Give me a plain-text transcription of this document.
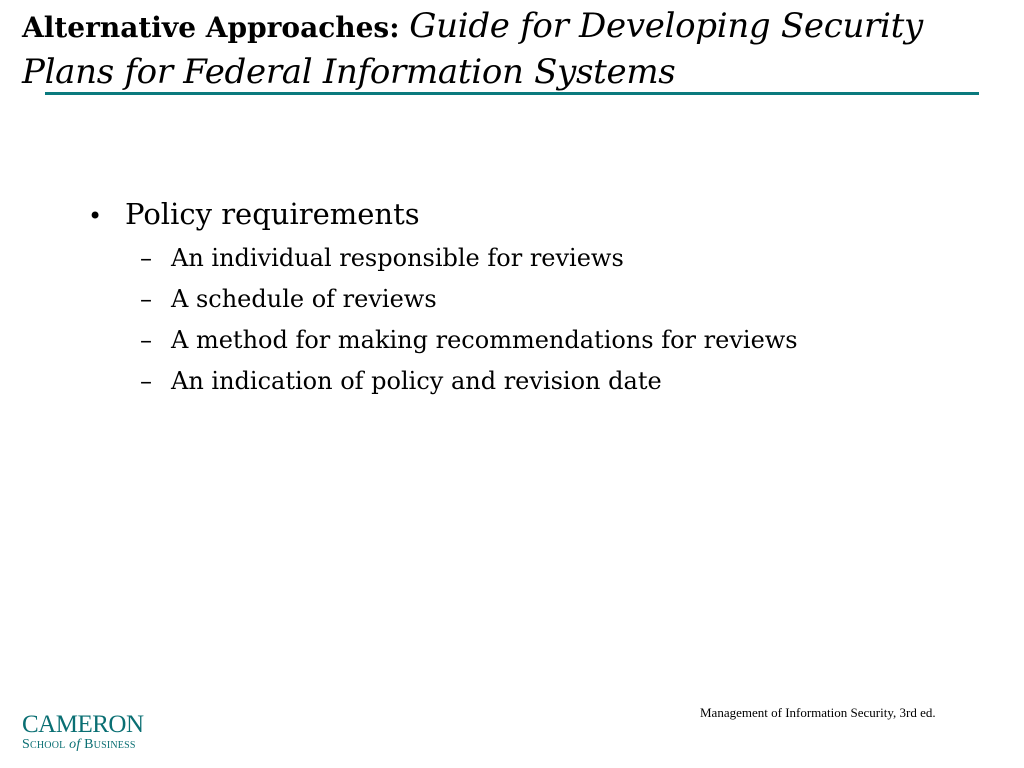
Alternative Approaches: Guide for Developing Security Plans for Federal Information Systems
• Policy requirements
– An individual responsible for reviews
– A schedule of reviews
– A method for making recommendations for reviews
– An indication of policy and revision date
Management of Information Security, 3rd ed.
CAMERON
School of Business
